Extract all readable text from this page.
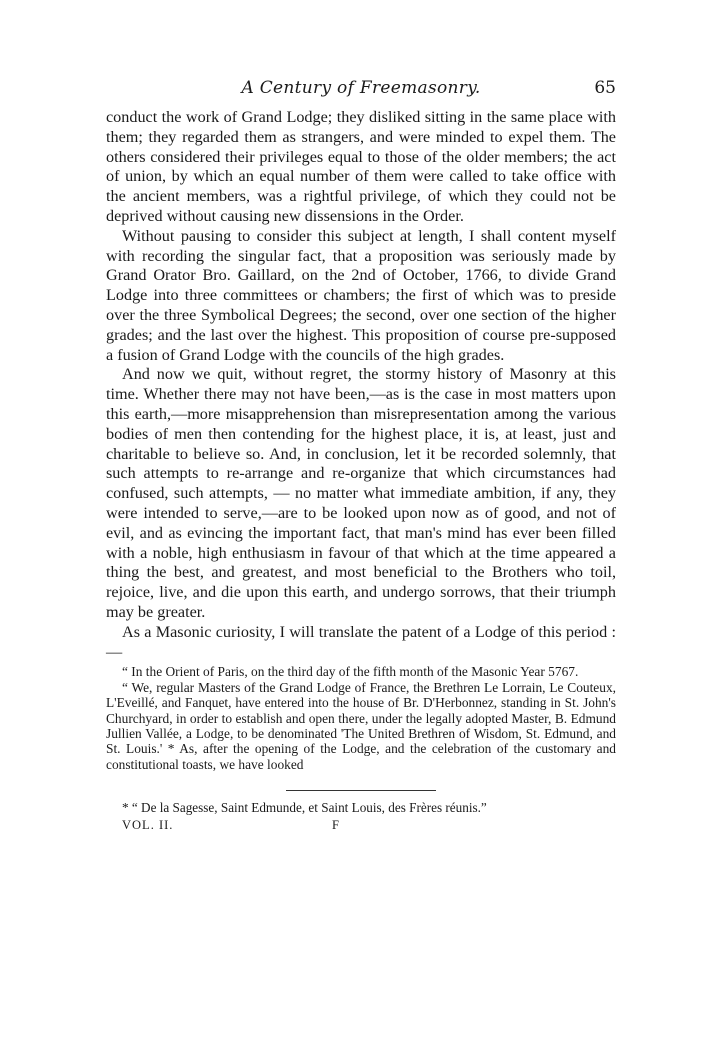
A Century of Freemasonry.	65

conduct the work of Grand Lodge; they disliked sitting in the same place with them; they regarded them as strangers, and were minded to expel them. The others considered their privileges equal to those of the older members; the act of union, by which an equal number of them were called to take office with the ancient members, was a rightful privilege, of which they could not be deprived without causing new dissensions in the Order.

Without pausing to consider this subject at length, I shall content myself with recording the singular fact, that a proposition was seriously made by Grand Orator Bro. Gaillard, on the 2nd of October, 1766, to divide Grand Lodge into three committees or chambers; the first of which was to preside over the three Symbolical Degrees; the second, over one section of the higher grades; and the last over the highest. This proposition of course pre-supposed a fusion of Grand Lodge with the councils of the high grades.

And now we quit, without regret, the stormy history of Masonry at this time. Whether there may not have been,—as is the case in most matters upon this earth,—more misapprehension than misrepresentation among the various bodies of men then contending for the highest place, it is, at least, just and charitable to believe so. And, in conclusion, let it be recorded solemnly, that such attempts to re-arrange and re-organize that which circumstances had confused, such attempts, — no matter what immediate ambition, if any, they were intended to serve,—are to be looked upon now as of good, and not of evil, and as evincing the important fact, that man's mind has ever been filled with a noble, high enthusiasm in favour of that which at the time appeared a thing the best, and greatest, and most beneficial to the Brothers who toil, rejoice, live, and die upon this earth, and undergo sorrows, that their triumph may be greater.

As a Masonic curiosity, I will translate the patent of a Lodge of this period :—

“ In the Orient of Paris, on the third day of the fifth month of the Masonic Year 5767.

“ We, regular Masters of the Grand Lodge of France, the Brethren Le Lorrain, Le Couteux, L'Eveillé, and Fanquet, have entered into the house of Br. D'Herbonnez, standing in St. John's Churchyard, in order to establish and open there, under the legally adopted Master, B. Edmund Jullien Vallée, a Lodge, to be denominated 'The United Brethren of Wisdom, St. Edmund, and St. Louis.' * As, after the opening of the Lodge, and the celebration of the customary and constitutional toasts, we have looked

* “ De la Sagesse, Saint Edmunde, et Saint Louis, des Frères réunis.”

VOL. II.	F
